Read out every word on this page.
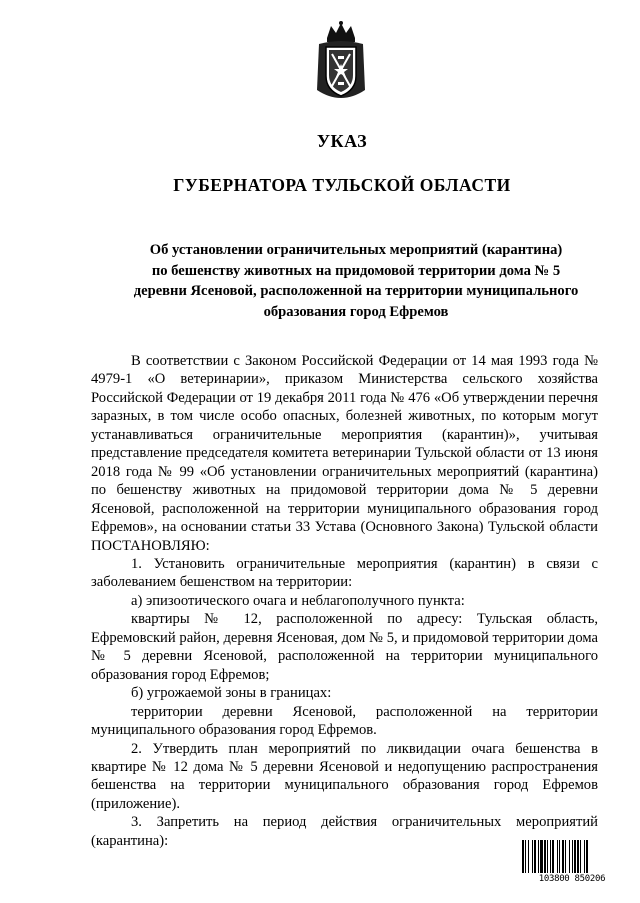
УКАЗ
ГУБЕРНАТОРА ТУЛЬСКОЙ ОБЛАСТИ
Об установлении ограничительных мероприятий (карантина)
по бешенству животных на придомовой территории дома № 5
деревни Ясеновой, расположенной на территории муниципального
образования город Ефремов

В соответствии с Законом Российской Федерации от 14 мая 1993 года № 4979-1 «О ветеринарии», приказом Министерства сельского хозяйства Российской Федерации от 19 декабря 2011 года № 476 «Об утверждении перечня заразных, в том числе особо опасных, болезней животных, по которым могут устанавливаться ограничительные мероприятия (карантин)», учитывая представление председателя комитета ветеринарии Тульской области от 13 июня 2018 года № 99 «Об установлении ограничительных мероприятий (карантина) по бешенству животных на придомовой территории дома № 5 деревни Ясеновой, расположенной на территории муниципального образования город Ефремов», на основании статьи 33 Устава (Основного Закона) Тульской области ПОСТАНОВЛЯЮ:

1. Установить ограничительные мероприятия (карантин) в связи с заболеванием бешенством на территории:

а) эпизоотического очага и неблагополучного пункта:

квартиры № 12, расположенной по адресу: Тульская область, Ефремовский район, деревня Ясеновая, дом № 5, и придомовой территории дома № 5 деревни Ясеновой, расположенной на территории муниципального образования город Ефремов;

б) угрожаемой зоны в границах:

территории деревни Ясеновой, расположенной на территории муниципального образования город Ефремов.

2. Утвердить план мероприятий по ликвидации очага бешенства в квартире № 12 дома № 5 деревни Ясеновой и недопущению распространения бешенства на территории муниципального образования город Ефремов (приложение).

3. Запретить на период действия ограничительных мероприятий (карантина):

103800 850206
